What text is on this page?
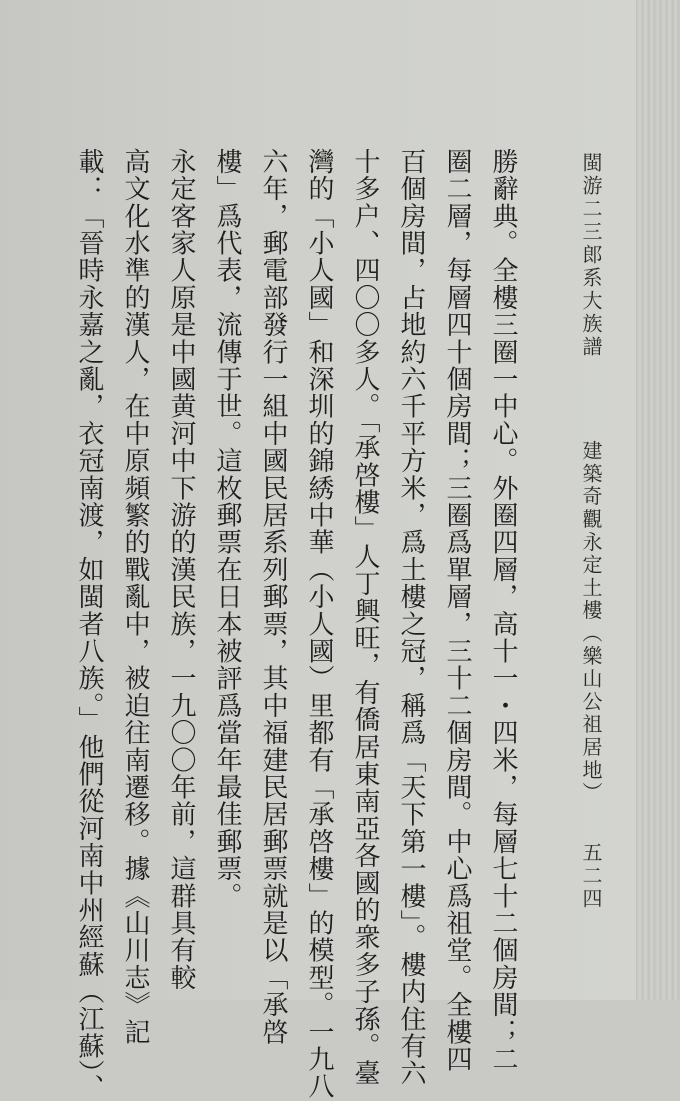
閩游二三郎系大族譜
建築奇觀永定土樓（樂山公祖居地）
五二四
勝辭典。全樓三圈一中心。外圈四層，高十一・四米，每層七十二個房間；二
圈二層，每層四十個房間；三圈爲單層，三十二個房間。中心爲祖堂。全樓四
百個房間，占地約六千平方米，爲土樓之冠，稱爲「天下第一樓」。樓内住有六
十多户、四〇〇多人。「承啓樓」人丁興旺，有僑居東南亞各國的衆多子孫。臺
灣的「小人國」和深圳的錦綉中華（小人國）里都有「承啓樓」的模型。一九八
六年，郵電部發行一組中國民居系列郵票，其中福建民居郵票就是以「承啓
樓」爲代表，流傳于世。這枚郵票在日本被評爲當年最佳郵票。
永定客家人原是中國黄河中下游的漢民族，一九〇〇年前，這群具有較
高文化水準的漢人，在中原頻繁的戰亂中，被迫往南遷移。據《山川志》記
載：「晉時永嘉之亂，衣冠南渡，如閩者八族。」他們從河南中州經蘇（江蘇）、
